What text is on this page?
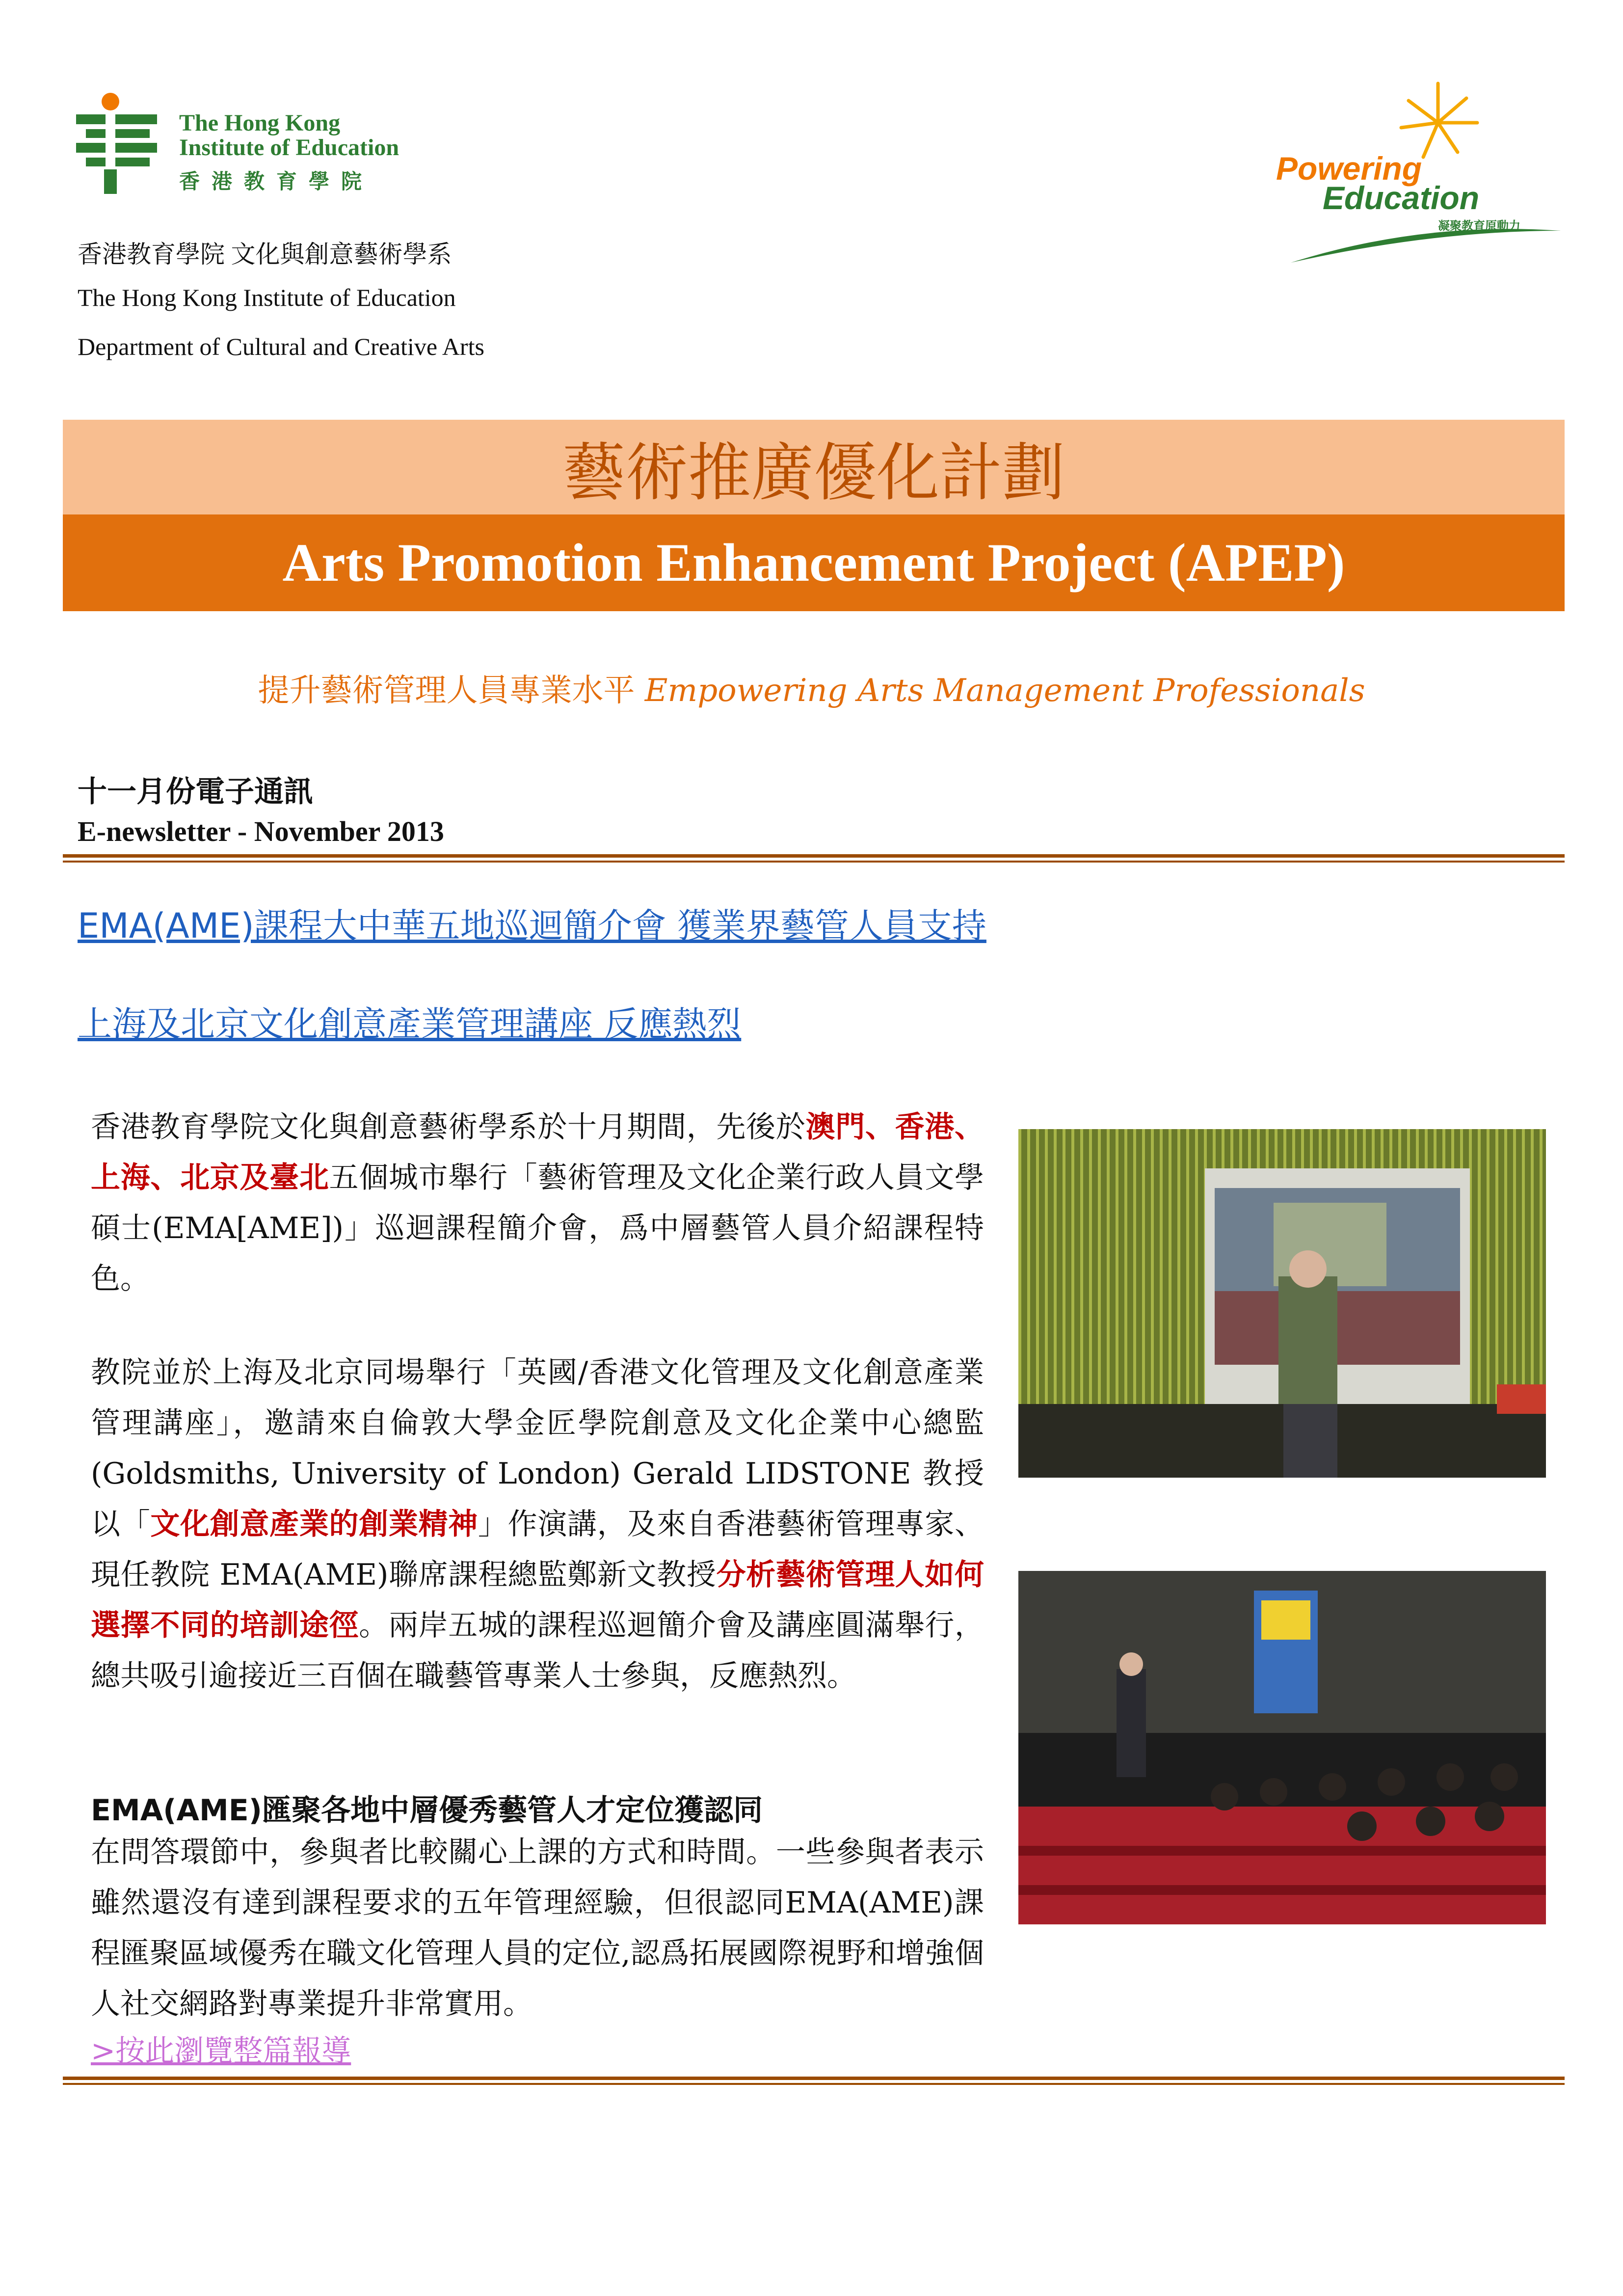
The Hong Kong
Institute of Education
香港教育學院	Powering
Education
凝聚教育原動力
香港教育學院 文化與創意藝術學系
The Hong Kong Institute of Education
Department of Cultural and Creative Arts
藝術推廣優化計劃
Arts Promotion Enhancement Project (APEP)
提升藝術管理人員專業水平 Empowering Arts Management Professionals
十一月份電子通訊
E-newsletter - November 2013
EMA(AME)課程大中華五地巡迴簡介會 獲業界藝管人員支持
上海及北京文化創意產業管理講座 反應熱烈
香港教育學院文化與創意藝術學系於十月期間，先後於澳門、香港、上海、北京及臺北五個城市舉行「藝術管理及文化企業行政人員文學碩士(EMA[AME])」巡迴課程簡介會，爲中層藝管人員介紹課程特色。
教院並於上海及北京同場舉行「英國/香港文化管理及文化創意產業管理講座」，邀請來自倫敦大學金匠學院創意及文化企業中心總監 (Goldsmiths, University of London) Gerald LIDSTONE 教授以「文化創意產業的創業精神」作演講，及來自香港藝術管理專家、現任教院 EMA(AME)聯席課程總監鄭新文教授分析藝術管理人如何選擇不同的培訓途徑。兩岸五城的課程巡迴簡介會及講座圓滿舉行，總共吸引逾接近三百個在職藝管專業人士參與，反應熱烈。
EMA(AME)匯聚各地中層優秀藝管人才定位獲認同
在問答環節中，參與者比較關心上課的方式和時間。一些參與者表示雖然還沒有達到課程要求的五年管理經驗，但很認同EMA(AME)課程匯聚區域優秀在職文化管理人員的定位,認爲拓展國際視野和增強個人社交網路對專業提升非常實用。
>按此瀏覽整篇報導
